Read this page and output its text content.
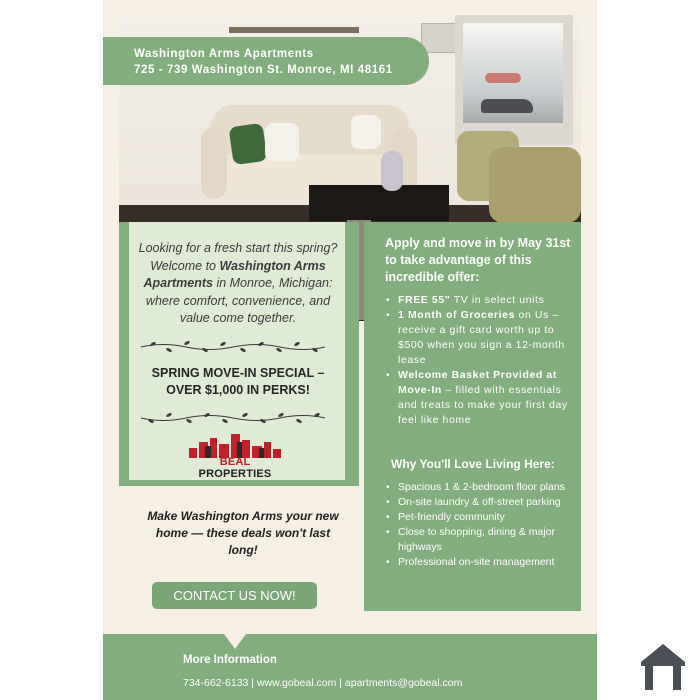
Washington Arms Apartments
725 - 739 Washington St. Monroe, MI 48161
Looking for a fresh start this spring? Welcome to Washington Arms Apartments in Monroe, Michigan: where comfort, convenience, and value come together.
SPRING MOVE-IN SPECIAL –
OVER $1,000 IN PERKS!
BEAL PROPERTIES
Apply and move in by May 31st to take advantage of this incredible offer:
• FREE 55" TV in select units
• 1 Month of Groceries on Us – receive a gift card worth up to $500 when you sign a 12-month lease
• Welcome Basket Provided at Move-In – filled with essentials and treats to make your first day feel like home
Why You'll Love Living Here:
• Spacious 1 & 2-bedroom floor plans
• On-site laundry & off-street parking
• Pet-friendly community
• Close to shopping, dining & major highways
• Professional on-site management
Make Washington Arms your new home — these deals won't last long!
CONTACT US NOW!
More Information
734-662-6133 | www.gobeal.com | apartments@gobeal.com
